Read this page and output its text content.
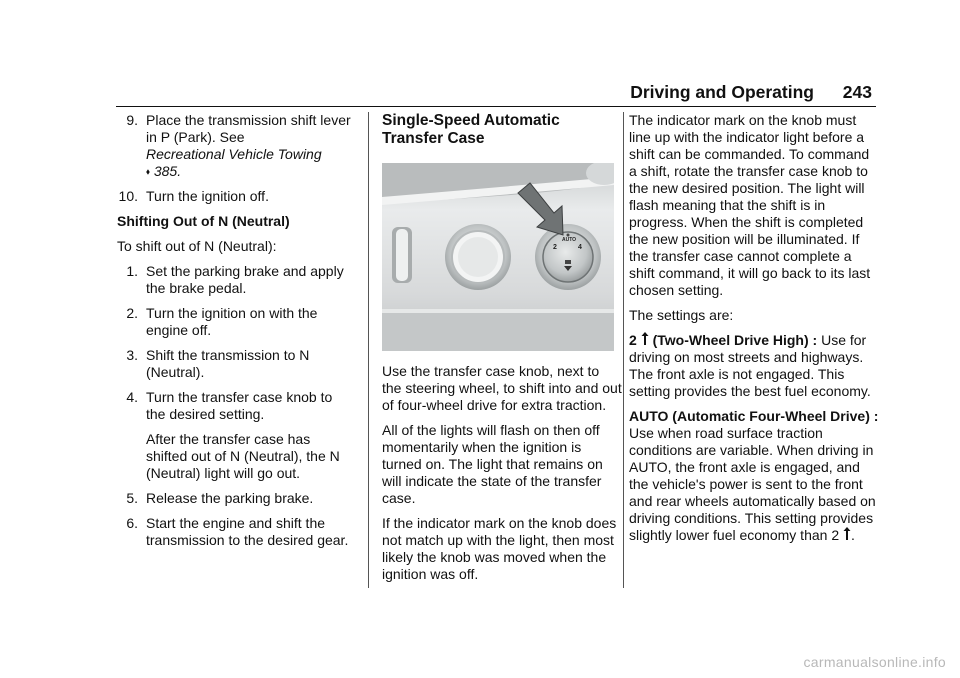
Driving and Operating 243
9. Place the transmission shift lever in P (Park). See
Recreational Vehicle Towing
⬪ 385.
10. Turn the ignition off.

Shifting Out of N (Neutral)

To shift out of N (Neutral):

1. Set the parking brake and apply the brake pedal.
2. Turn the ignition on with the engine off.
3. Shift the transmission to N (Neutral).
4. Turn the transfer case knob to the desired setting.

After the transfer case has shifted out of N (Neutral), the N (Neutral) light will go out.

5. Release the parking brake.
6. Start the engine and shift the transmission to the desired gear.
Single-Speed Automatic Transfer Case
2
AUTO
4

Use the transfer case knob, next to the steering wheel, to shift into and out of four-wheel drive for extra traction.

All of the lights will flash on then off momentarily when the ignition is turned on. The light that remains on will indicate the state of the transfer case.

If the indicator mark on the knob does not match up with the light, then most likely the knob was moved when the ignition was off.

The indicator mark on the knob must line up with the indicator light before a shift can be commanded. To command a shift, rotate the transfer case knob to the new desired position. The light will flash meaning that the shift is in progress. When the shift is completed the new position will be illuminated. If the transfer case cannot complete a shift command, it will go back to its last chosen setting.

The settings are:

2 (Two-Wheel Drive High) : Use for driving on most streets and highways. The front axle is not engaged. This setting provides the best fuel economy.

AUTO (Automatic Four-Wheel Drive) : Use when road surface traction conditions are variable. When driving in AUTO, the front axle is engaged, and the vehicle's power is sent to the front and rear wheels automatically based on driving conditions. This setting provides slightly lower fuel economy than 2 .

carmanualsonline.info
